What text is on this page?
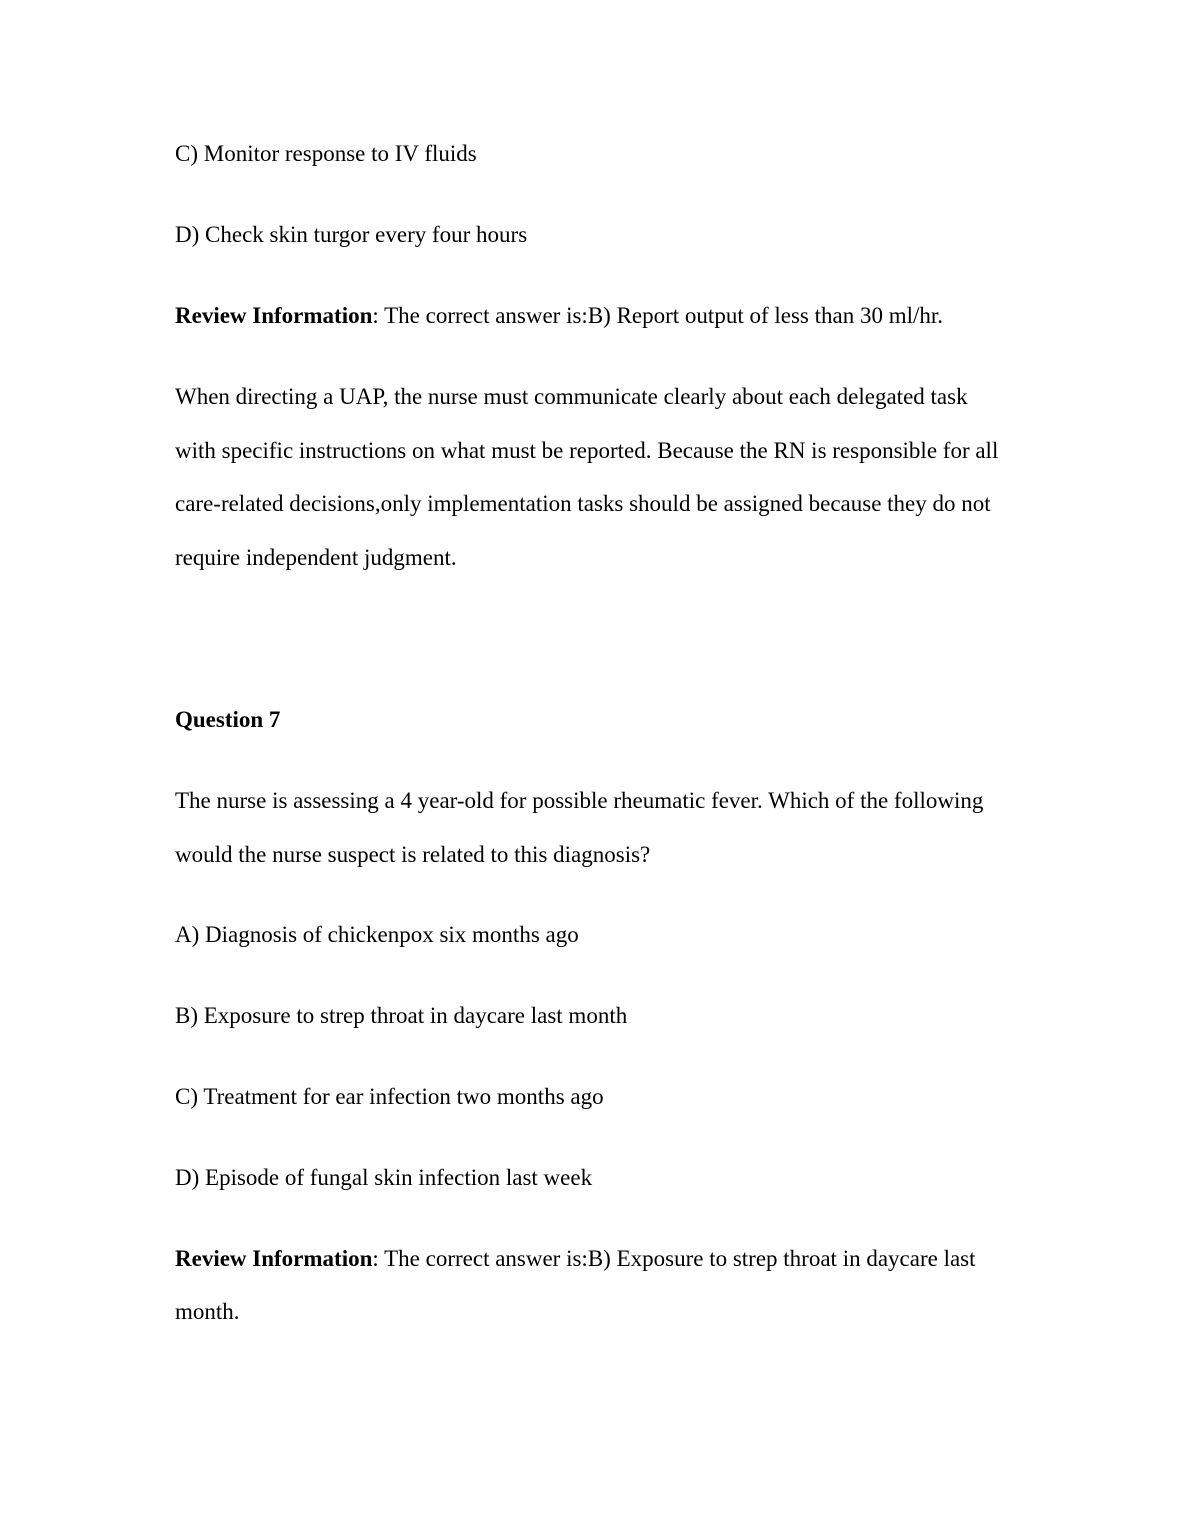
C) Monitor response to IV fluids
D) Check skin turgor every four hours
Review Information: The correct answer is:B) Report output of less than 30 ml/hr.
When directing a UAP, the nurse must communicate clearly about each delegated task
with specific instructions on what must be reported. Because the RN is responsible for all
care-related decisions,only implementation tasks should be assigned because they do not
require independent judgment.
Question 7
The nurse is assessing a 4 year-old for possible rheumatic fever. Which of the following
would the nurse suspect is related to this diagnosis?
A) Diagnosis of chickenpox six months ago
B) Exposure to strep throat in daycare last month
C) Treatment for ear infection two months ago
D) Episode of fungal skin infection last week
Review Information: The correct answer is:B) Exposure to strep throat in daycare last
month.
